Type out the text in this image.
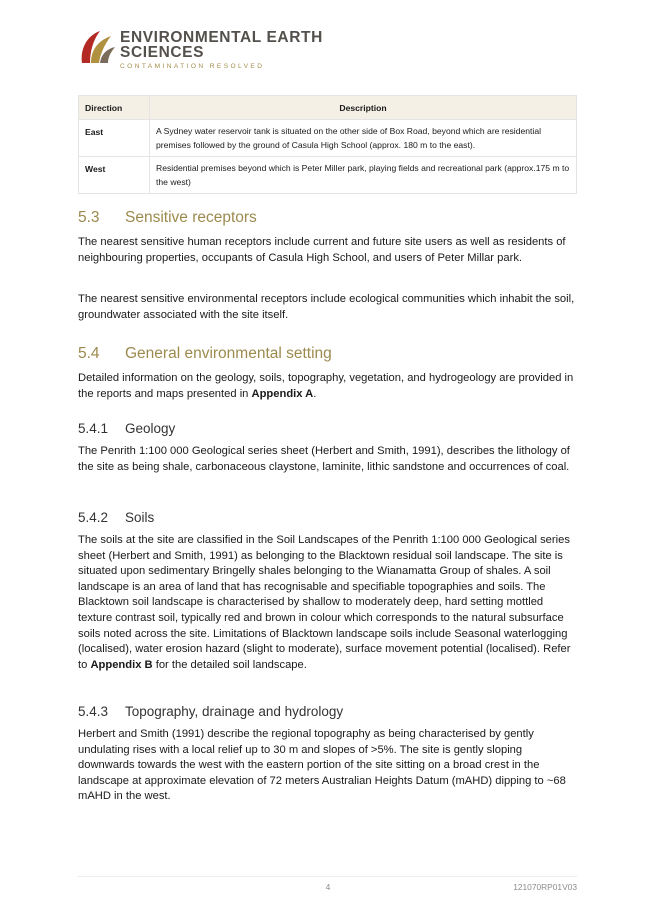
ENVIRONMENTAL EARTH
SCIENCES
CONTAMINATION RESOLVED
Direction	Description
East	A Sydney water reservoir tank is situated on the other side of Box Road, beyond which are residential premises followed by the ground of Casula High School (approx. 180 m to the east).
West	Residential premises beyond which is Peter Miller park, playing fields and recreational park (approx.175 m to the west)
5.3 Sensitive receptors

The nearest sensitive human receptors include current and future site users as well as residents of neighbouring properties, occupants of Casula High School, and users of Peter Millar park.

The nearest sensitive environmental receptors include ecological communities which inhabit the soil, groundwater associated with the site itself.

5.4 General environmental setting

Detailed information on the geology, soils, topography, vegetation, and hydrogeology are provided in the reports and maps presented in Appendix A.

5.4.1 Geology

The Penrith 1:100 000 Geological series sheet (Herbert and Smith, 1991), describes the lithology of the site as being shale, carbonaceous claystone, laminite, lithic sandstone and occurrences of coal.

5.4.2 Soils

The soils at the site are classified in the Soil Landscapes of the Penrith 1:100 000 Geological series sheet (Herbert and Smith, 1991) as belonging to the Blacktown residual soil landscape. The site is situated upon sedimentary Bringelly shales belonging to the Wianamatta Group of shales. A soil landscape is an area of land that has recognisable and specifiable topographies and soils. The Blacktown soil landscape is characterised by shallow to moderately deep, hard setting mottled texture contrast soil, typically red and brown in colour which corresponds to the natural subsurface soils noted across the site. Limitations of Blacktown landscape soils include Seasonal waterlogging (localised), water erosion hazard (slight to moderate), surface movement potential (localised). Refer to Appendix B for the detailed soil landscape.

5.4.3 Topography, drainage and hydrology

Herbert and Smith (1991) describe the regional topography as being characterised by gently undulating rises with a local relief up to 30 m and slopes of >5%. The site is gently sloping downwards towards the west with the eastern portion of the site sitting on a broad crest in the landscape at approximate elevation of 72 meters Australian Heights Datum (mAHD) dipping to ~68 mAHD in the west.

4	121070RP01V03
